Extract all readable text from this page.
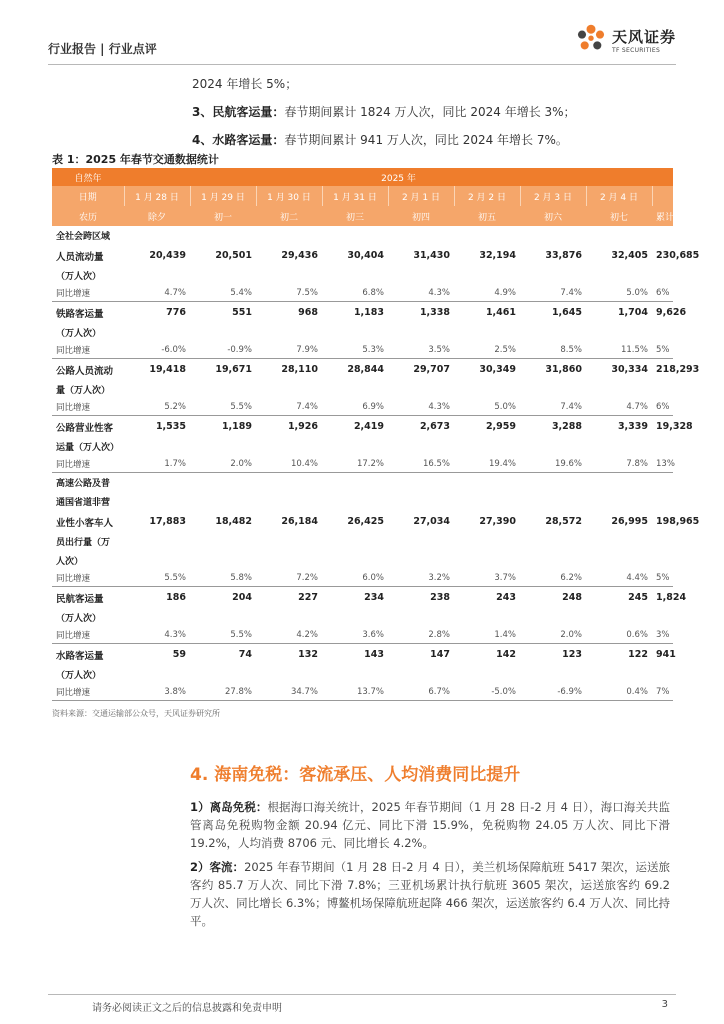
行业报告 | 行业点评
天风证券
TF SECURITIES

2024 年增长 5%；

3、民航客运量：春节期间累计 1824 万人次，同比 2024 年增长 3%；

4、水路客运量：春节期间累计 941 万人次，同比 2024 年增长 7%。

表 1：2025 年春节交通数据统计
自然年	2025 年								
日期	1 月 28 日	1 月 29 日	1 月 30 日	1 月 31 日	2 月 1 日	2 月 2 日	2 月 3 日	2 月 4 日	
农历	除夕	初一	初二	初三	初四	初五	初六	初七	累计
全社会跨区域									
人员流动量	20,439	20,501	29,436	30,404	31,430	32,194	33,876	32,405	230,685
（万人次）									
同比增速	4.7%	5.4%	7.5%	6.8%	4.3%	4.9%	7.4%	5.0%	6%
铁路客运量	776	551	968	1,183	1,338	1,461	1,645	1,704	9,626
（万人次）									
同比增速	-6.0%	-0.9%	7.9%	5.3%	3.5%	2.5%	8.5%	11.5%	5%
公路人员流动	19,418	19,671	28,110	28,844	29,707	30,349	31,860	30,334	218,293
量（万人次）									
同比增速	5.2%	5.5%	7.4%	6.9%	4.3%	5.0%	7.4%	4.7%	6%
公路营业性客	1,535	1,189	1,926	2,419	2,673	2,959	3,288	3,339	19,328
运量（万人次）									
同比增速	1.7%	2.0%	10.4%	17.2%	16.5%	19.4%	19.6%	7.8%	13%
高速公路及普									
通国省道非营									
业性小客车人	17,883	18,482	26,184	26,425	27,034	27,390	28,572	26,995	198,965
员出行量（万									
人次）									
同比增速	5.5%	5.8%	7.2%	6.0%	3.2%	3.7%	6.2%	4.4%	5%
民航客运量	186	204	227	234	238	243	248	245	1,824
（万人次）									
同比增速	4.3%	5.5%	4.2%	3.6%	2.8%	1.4%	2.0%	0.6%	3%
水路客运量	59	74	132	143	147	142	123	122	941
（万人次）									
同比增速	3.8%	27.8%	34.7%	13.7%	6.7%	-5.0%	-6.9%	0.4%	7%
资料来源：交通运输部公众号，天风证券研究所
4. 海南免税：客流承压、人均消费同比提升
1）离岛免税：根据海口海关统计，2025 年春节期间（1 月 28 日-2 月 4 日），海口海关共监管离岛免税购物金额 20.94 亿元、同比下滑 15.9%，免税购物 24.05 万人次、同比下滑 19.2%，人均消费 8706 元、同比增长 4.2%。
2）客流：2025 年春节期间（1 月 28 日-2 月 4 日），美兰机场保障航班 5417 架次，运送旅客约 85.7 万人次、同比下滑 7.8%；三亚机场累计执行航班 3605 架次，运送旅客约 69.2 万人次、同比增长 6.3%；博鳌机场保障航班起降 466 架次，运送旅客约 6.4 万人次、同比持平。
请务必阅读正文之后的信息披露和免责申明	3
